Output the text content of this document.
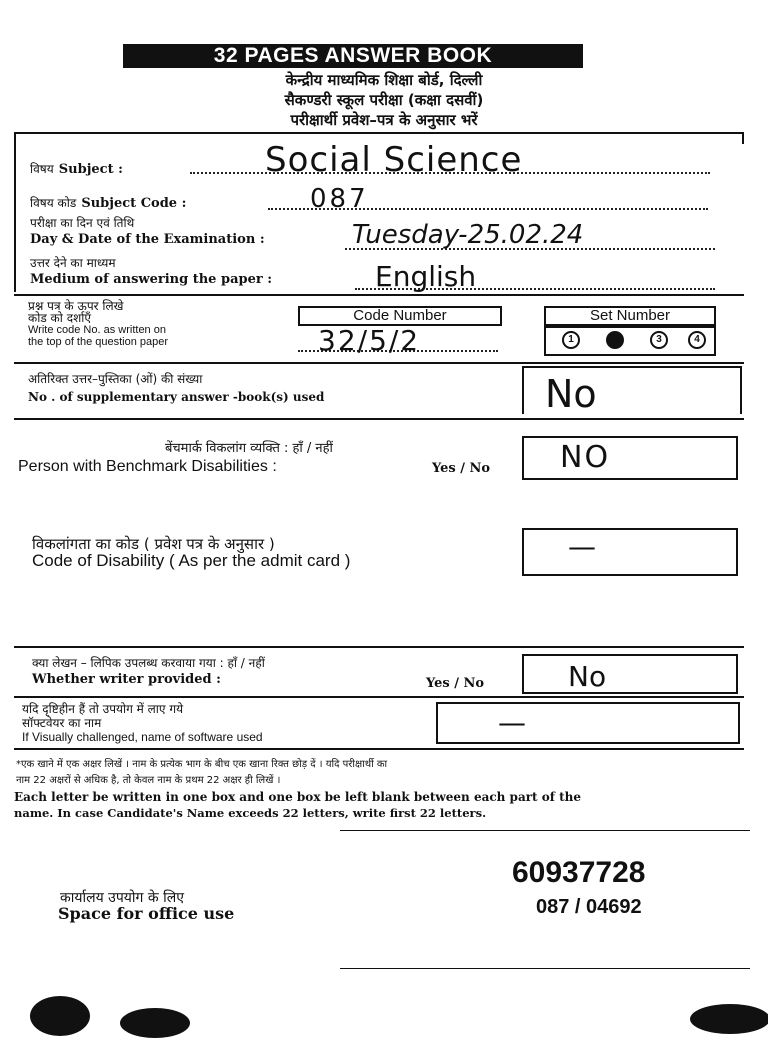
32 PAGES ANSWER BOOK
केन्द्रीय माध्यमिक शिक्षा बोर्ड, दिल्ली
सैकण्डरी स्कूल परीक्षा (कक्षा दसवीं)
परीक्षार्थी प्रवेश–पत्र के अनुसार भरें
विषय Subject :	Social Science
विषय कोड Subject Code :	087
परीक्षा का दिन एवं तिथि
Day & Date of the Examination :	Tuesday-25.02.24
उत्तर देने का माध्यम
Medium of answering the paper :	English
प्रश्न पत्र के ऊपर लिखे
कोड को दर्शाएँ
Write code No. as written on
the top of the question paper
Code Number
32/5/2
Set Number
1	3	4
अतिरिक्त उत्तर–पुस्तिका (ओं) की संख्या
No . of supplementary answer -book(s) used	No
बेंचमार्क विकलांग व्यक्ति : हाँ / नहीं
Person with Benchmark Disabilities :	Yes / No NO
विकलांगता का कोड ( प्रवेश पत्र के अनुसार )
Code of Disability ( As per the admit card )	—
क्या लेखन – लिपिक उपलब्ध करवाया गया : हाँ / नहीं
Whether writer provided :	Yes / No	No
यदि दृष्टिहीन हैं तो उपयोग में लाए गये
सॉफ्टवेयर का नाम
If Visually challenged, name of software used	—
*एक खाने में एक अक्षर लिखें । नाम के प्रत्येक भाग के बीच एक खाना रिक्त छोड़ दें । यदि परीक्षार्थी का
नाम 22 अक्षरों से अधिक है, तो केवल नाम के प्रथम 22 अक्षर ही लिखें ।
Each letter be written in one box and one box be left blank between each part of the
name. In case Candidate's Name exceeds 22 letters, write first 22 letters.
कार्यालय उपयोग के लिए
Space for office use
60937728
087 / 04692
